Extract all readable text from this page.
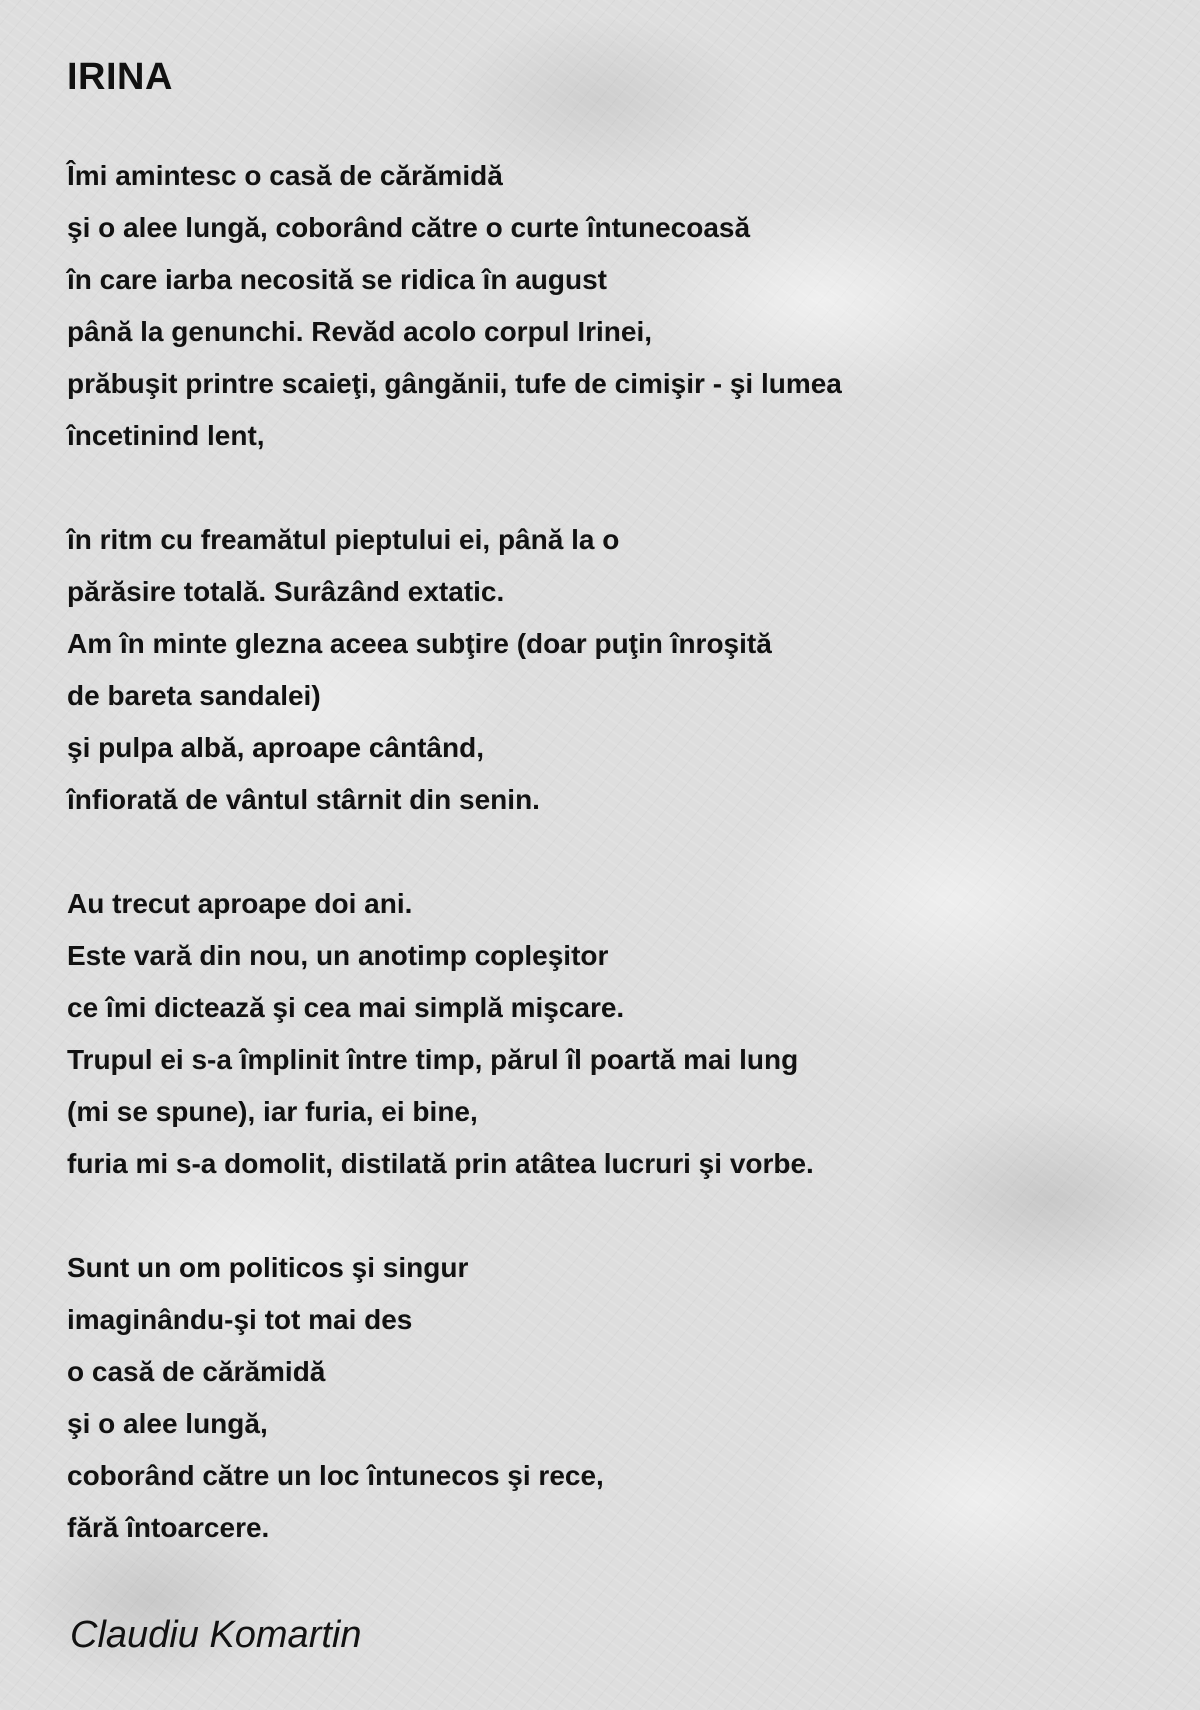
IRINA
Îmi amintesc o casă de cărămidă
şi o alee lungă, coborând către o curte întunecoasă
în care iarba necosită se ridica în august
până la genunchi. Revăd acolo corpul Irinei,
prăbuşit printre scaieţi, gângănii, tufe de cimişir - şi lumea
încetinind lent,
în ritm cu freamătul pieptului ei, până la o
părăsire totală. Surâzând extatic.
Am în minte glezna aceea subţire (doar puţin înroşită
de bareta sandalei)
şi pulpa albă, aproape cântând,
înfiorată de vântul stârnit din senin.
Au trecut aproape doi ani.
Este vară din nou, un anotimp copleşitor
ce îmi dictează şi cea mai simplă mişcare.
Trupul ei s-a împlinit între timp, părul îl poartă mai lung
(mi se spune), iar furia, ei bine,
furia mi s-a domolit, distilată prin atâtea lucruri şi vorbe.
Sunt un om politicos şi singur
imaginându-şi tot mai des
o casă de cărămidă
şi o alee lungă,
coborând către un loc întunecos şi rece,
fără întoarcere.

Claudiu Komartin
